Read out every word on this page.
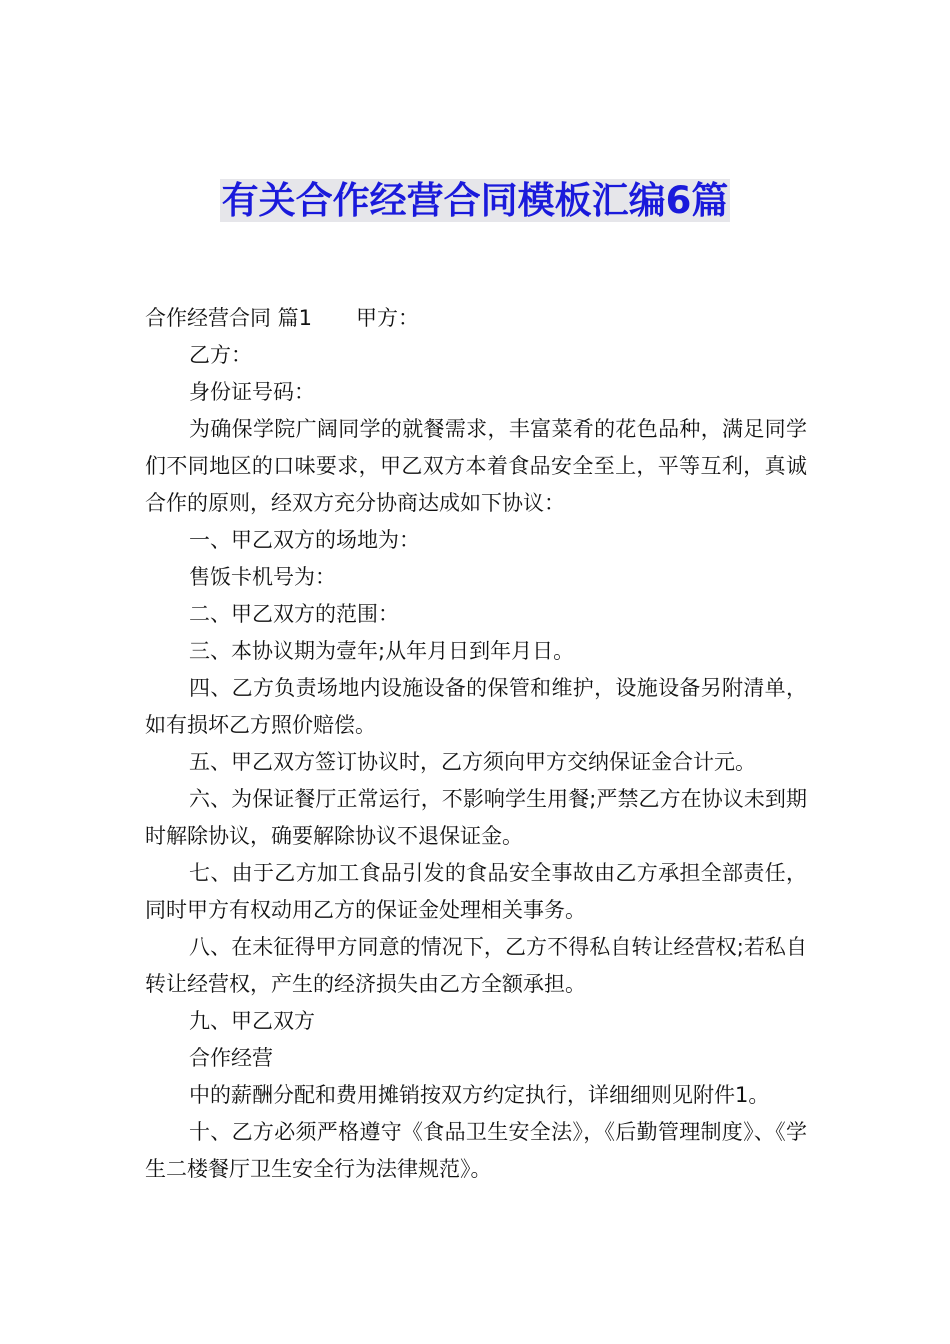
有关合作经营合同模板汇编6篇

合作经营合同 篇1 甲方：

乙方：

身份证号码：

为确保学院广阔同学的就餐需求，丰富菜肴的花色品种，满足同学们不同地区的口味要求，甲乙双方本着食品安全至上，平等互利，真诚合作的原则，经双方充分协商达成如下协议：

一、甲乙双方的场地为：

售饭卡机号为：

二、甲乙双方的范围：

三、本协议期为壹年;从年月日到年月日。

四、乙方负责场地内设施设备的保管和维护，设施设备另附清单，如有损坏乙方照价赔偿。

五、甲乙双方签订协议时，乙方须向甲方交纳保证金合计元。

六、为保证餐厅正常运行，不影响学生用餐;严禁乙方在协议未到期时解除协议，确要解除协议不退保证金。

七、由于乙方加工食品引发的食品安全事故由乙方承担全部责任，同时甲方有权动用乙方的保证金处理相关事务。

八、在未征得甲方同意的情况下，乙方不得私自转让经营权;若私自转让经营权，产生的经济损失由乙方全额承担。

九、甲乙双方

合作经营

中的薪酬分配和费用摊销按双方约定执行，详细细则见附件1。

十、乙方必须严格遵守《食品卫生安全法》，《后勤管理制度》、《学生二楼餐厅卫生安全行为法律规范》。
